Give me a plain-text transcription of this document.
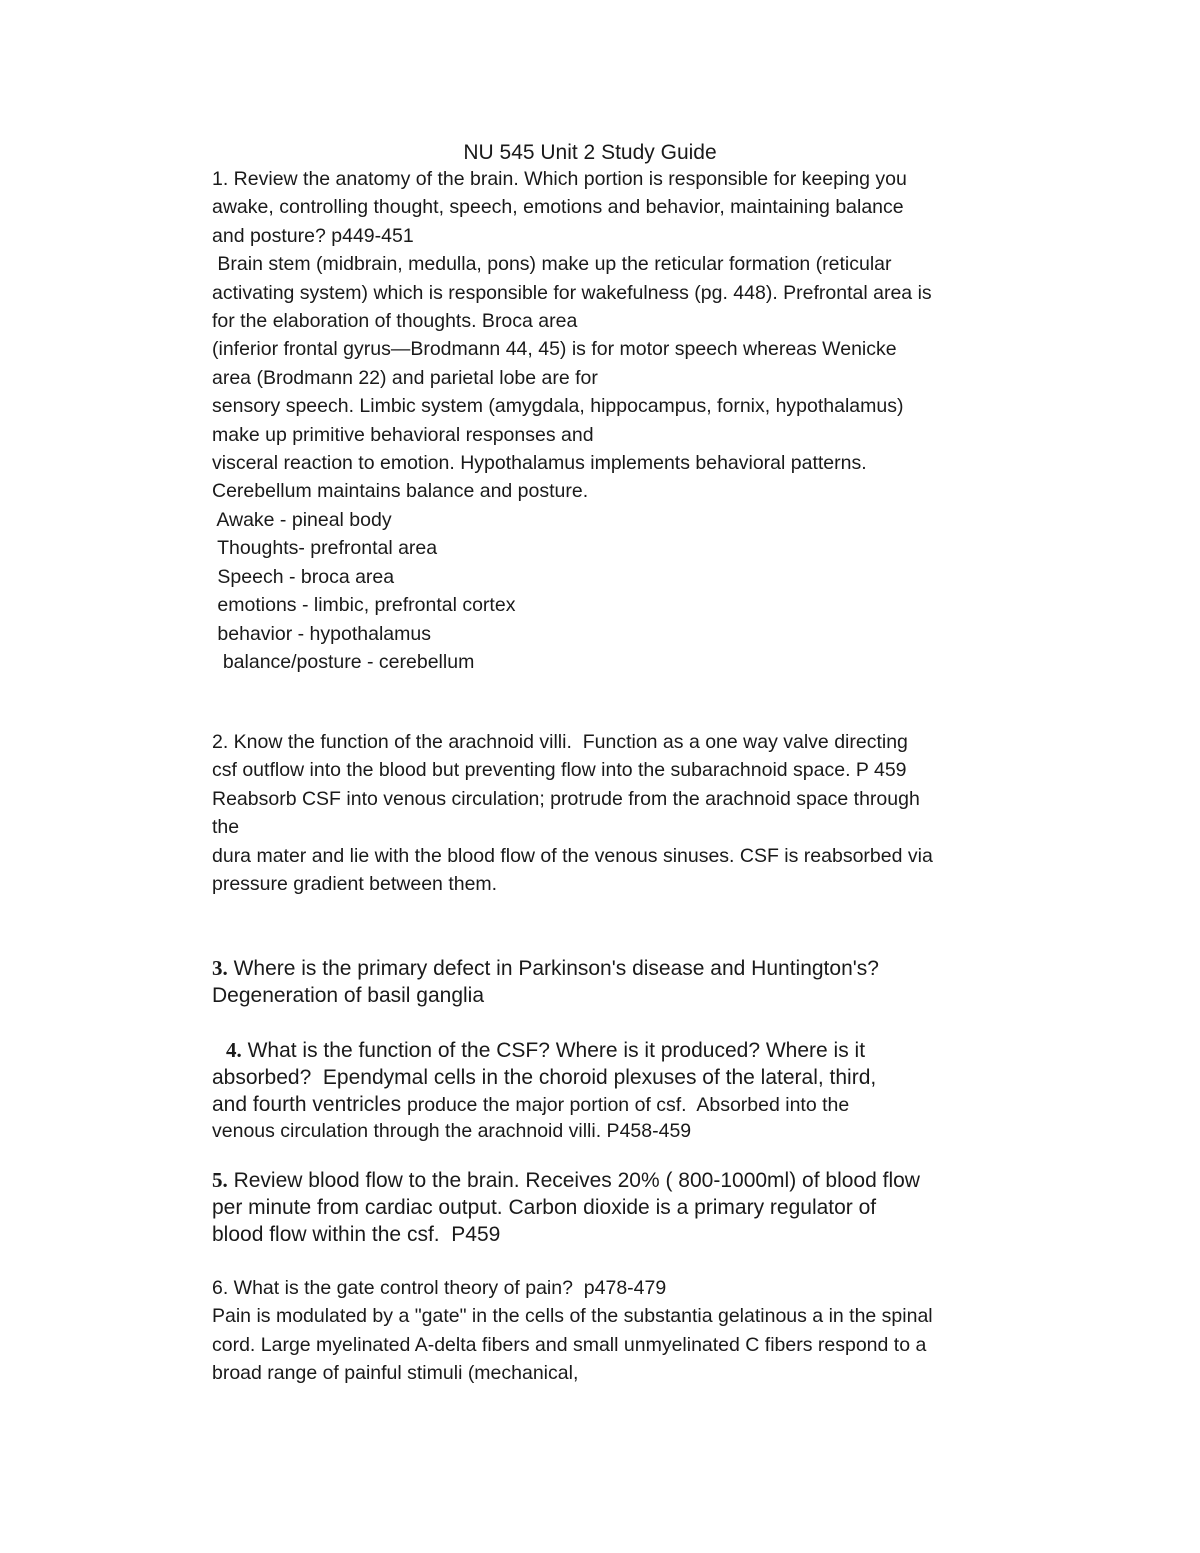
NU 545 Unit 2 Study Guide
1. Review the anatomy of the brain. Which portion is responsible for keeping you
awake, controlling thought, speech, emotions and behavior, maintaining balance
and posture? p449-451
Brain stem (midbrain, medulla, pons) make up the reticular formation (reticular
activating system) which is responsible for wakefulness (pg. 448). Prefrontal area is
for the elaboration of thoughts. Broca area
(inferior frontal gyrus—Brodmann 44, 45) is for motor speech whereas Wenicke
area (Brodmann 22) and parietal lobe are for
sensory speech. Limbic system (amygdala, hippocampus, fornix, hypothalamus)
make up primitive behavioral responses and
visceral reaction to emotion. Hypothalamus implements behavioral patterns.
Cerebellum maintains balance and posture.
Awake - pineal body
Thoughts- prefrontal area
Speech - broca area
emotions - limbic, prefrontal cortex
behavior - hypothalamus
balance/posture - cerebellum
2. Know the function of the arachnoid villi.  Function as a one way valve directing
csf outflow into the blood but preventing flow into the subarachnoid space. P 459
Reabsorb CSF into venous circulation; protrude from the arachnoid space through
the
dura mater and lie with the blood flow of the venous sinuses. CSF is reabsorbed via
pressure gradient between them.
3. Where is the primary defect in Parkinson's disease and Huntington's?
Degeneration of basil ganglia
4. What is the function of the CSF? Where is it produced? Where is it
absorbed?  Ependymal cells in the choroid plexuses of the lateral, third,
and fourth ventricles produce the major portion of csf.  Absorbed into the
venous circulation through the arachnoid villi. P458-459
5. Review blood flow to the brain. Receives 20% ( 800-1000ml) of blood flow
per minute from cardiac output. Carbon dioxide is a primary regulator of
blood flow within the csf.  P459
6. What is the gate control theory of pain?  p478-479
Pain is modulated by a "gate" in the cells of the substantia gelatinous a in the spinal
cord. Large myelinated A-delta fibers and small unmyelinated C fibers respond to a
broad range of painful stimuli (mechanical,
